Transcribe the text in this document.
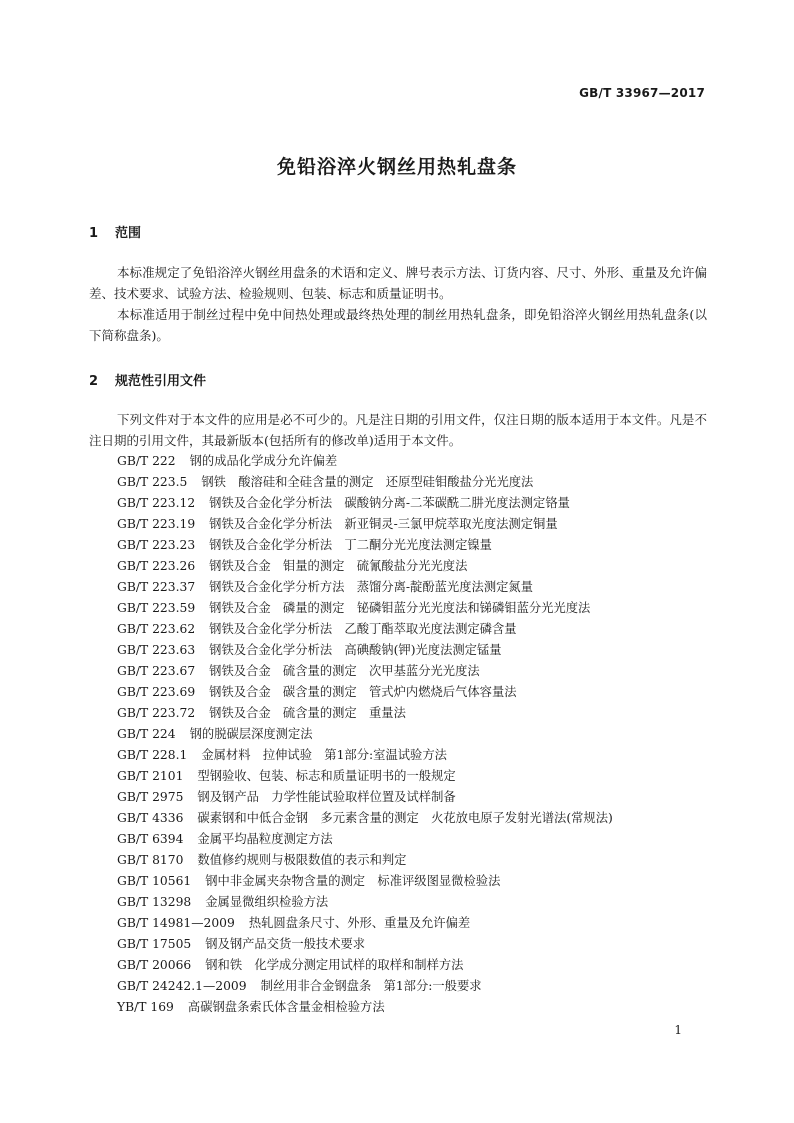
GB/T 33967—2017
免铅浴淬火钢丝用热轧盘条
1 范围

本标准规定了免铅浴淬火钢丝用盘条的术语和定义、牌号表示方法、订货内容、尺寸、外形、重量及允许偏差、技术要求、试验方法、检验规则、包装、标志和质量证明书。

本标准适用于制丝过程中免中间热处理或最终热处理的制丝用热轧盘条，即免铅浴淬火钢丝用热轧盘条(以下简称盘条)。

2 规范性引用文件

下列文件对于本文件的应用是必不可少的。凡是注日期的引用文件，仅注日期的版本适用于本文件。凡是不注日期的引用文件，其最新版本(包括所有的修改单)适用于本文件。

GB/T 222 钢的成品化学成分允许偏差
GB/T 223.5 钢铁　酸溶硅和全硅含量的测定　还原型硅钼酸盐分光光度法
GB/T 223.12 钢铁及合金化学分析法　碳酸钠分离-二苯碳酰二肼光度法测定铬量
GB/T 223.19 钢铁及合金化学分析法　新亚铜灵-三氯甲烷萃取光度法测定铜量
GB/T 223.23 钢铁及合金化学分析法　丁二酮分光光度法测定镍量
GB/T 223.26 钢铁及合金　钼量的测定　硫氰酸盐分光光度法
GB/T 223.37 钢铁及合金化学分析方法　蒸馏分离-靛酚蓝光度法测定氮量
GB/T 223.59 钢铁及合金　磷量的测定　铋磷钼蓝分光光度法和锑磷钼蓝分光光度法
GB/T 223.62 钢铁及合金化学分析法　乙酸丁酯萃取光度法测定磷含量
GB/T 223.63 钢铁及合金化学分析法　高碘酸钠(钾)光度法测定锰量
GB/T 223.67 钢铁及合金　硫含量的测定　次甲基蓝分光光度法
GB/T 223.69 钢铁及合金　碳含量的测定　管式炉内燃烧后气体容量法
GB/T 223.72 钢铁及合金　硫含量的测定　重量法
GB/T 224 钢的脱碳层深度测定法
GB/T 228.1 金属材料　拉伸试验　第1部分:室温试验方法
GB/T 2101 型钢验收、包装、标志和质量证明书的一般规定
GB/T 2975 钢及钢产品　力学性能试验取样位置及试样制备
GB/T 4336 碳素钢和中低合金钢　多元素含量的测定　火花放电原子发射光谱法(常规法)
GB/T 6394 金属平均晶粒度测定方法
GB/T 8170 数值修约规则与极限数值的表示和判定
GB/T 10561 钢中非金属夹杂物含量的测定　标准评级图显微检验法
GB/T 13298 金属显微组织检验方法
GB/T 14981—2009 热轧圆盘条尺寸、外形、重量及允许偏差
GB/T 17505 钢及钢产品交货一般技术要求
GB/T 20066 钢和铁　化学成分测定用试样的取样和制样方法
GB/T 24242.1—2009 制丝用非合金钢盘条　第1部分:一般要求
YB/T 169 高碳钢盘条索氏体含量金相检验方法
1
